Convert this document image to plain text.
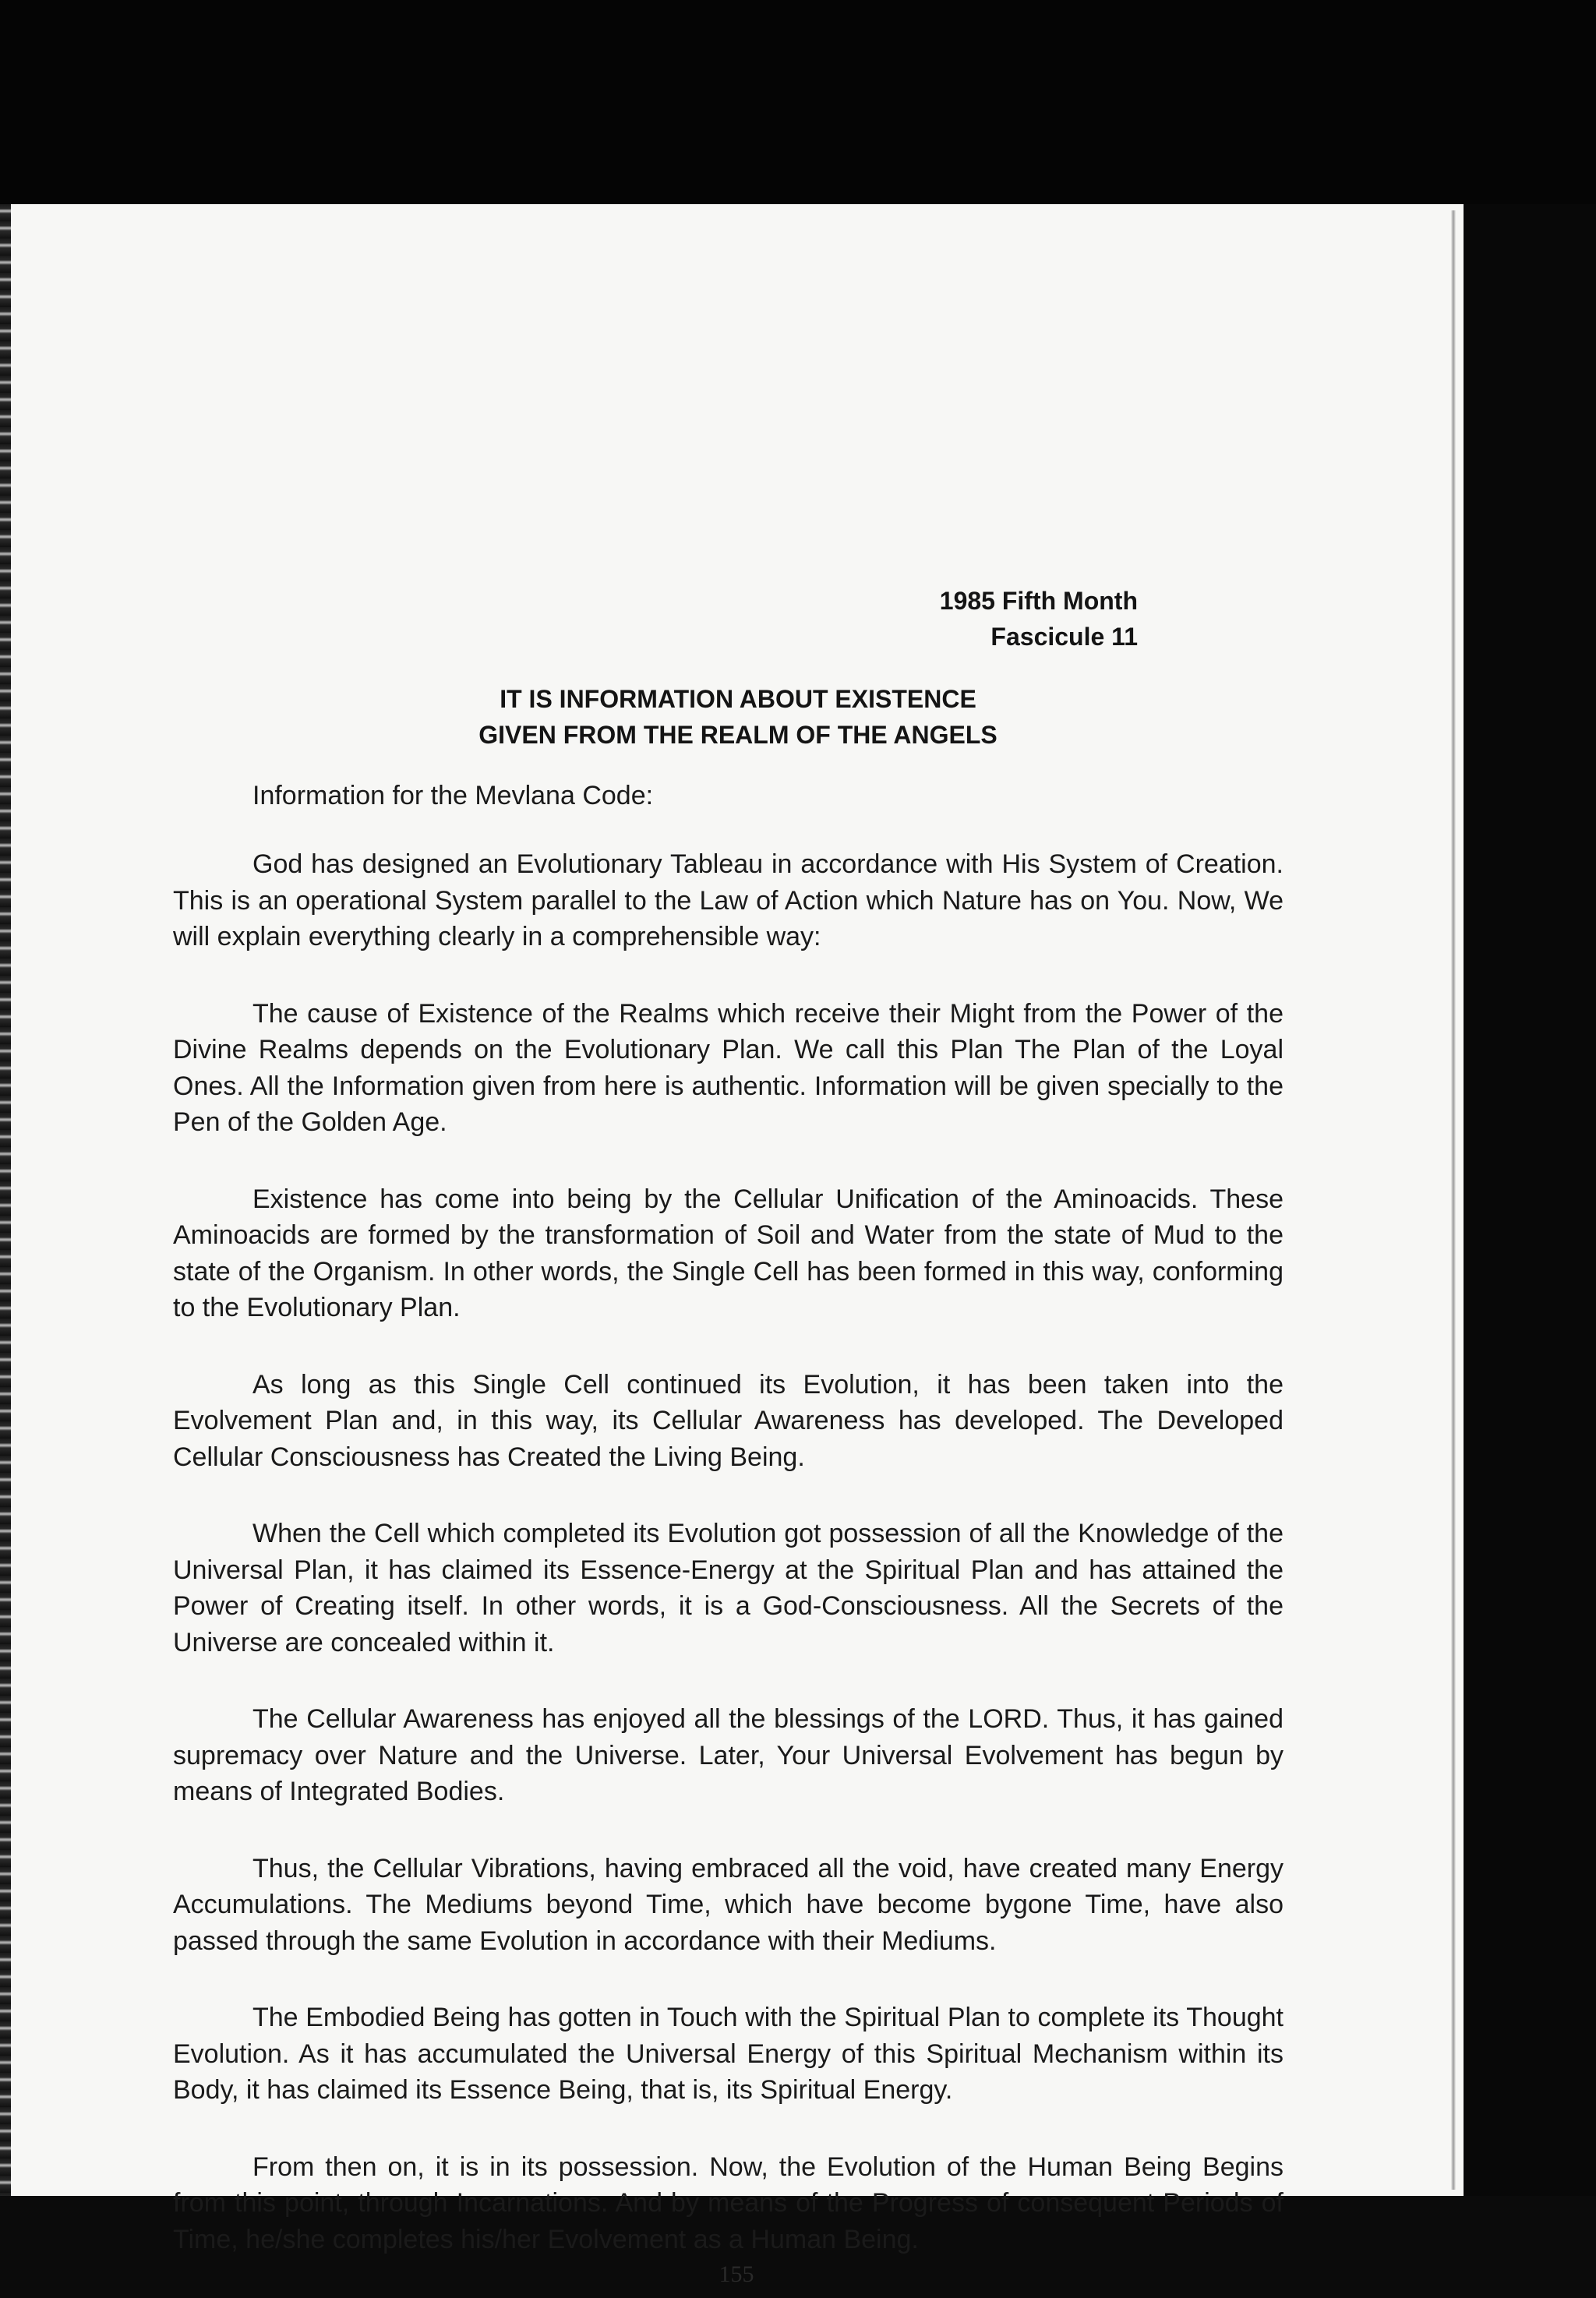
1985 Fifth Month
Fascicule 11
IT IS INFORMATION ABOUT EXISTENCE
GIVEN FROM THE REALM OF THE ANGELS
Information for the Mevlana Code:

God has designed an Evolutionary Tableau in accordance with His System of Creation. This is an operational System parallel to the Law of Action which Nature has on You. Now, We will explain everything clearly in a comprehensible way:

The cause of Existence of the Realms which receive their Might from the Power of the Divine Realms depends on the Evolutionary Plan. We call this Plan The Plan of the Loyal Ones. All the Information given from here is authentic. Information will be given specially to the Pen of the Golden Age.

Existence has come into being by the Cellular Unification of the Aminoacids. These Aminoacids are formed by the transformation of Soil and Water from the state of Mud to the state of the Organism. In other words, the Single Cell has been formed in this way, conforming to the Evolutionary Plan.

As long as this Single Cell continued its Evolution, it has been taken into the Evolvement Plan and, in this way, its Cellular Awareness has developed. The Developed Cellular Consciousness has Created the Living Being.

When the Cell which completed its Evolution got possession of all the Knowledge of the Universal Plan, it has claimed its Essence-Energy at the Spiritual Plan and has attained the Power of Creating itself. In other words, it is a God-Consciousness. All the Secrets of the Universe are concealed within it.

The Cellular Awareness has enjoyed all the blessings of the LORD. Thus, it has gained supremacy over Nature and the Universe. Later, Your Universal Evolvement has begun by means of Integrated Bodies.

Thus, the Cellular Vibrations, having embraced all the void, have created many Energy Accumulations. The Mediums beyond Time, which have become bygone Time, have also passed through the same Evolution in accordance with their Mediums.

The Embodied Being has gotten in Touch with the Spiritual Plan to complete its Thought Evolution. As it has accumulated the Universal Energy of this Spiritual Mechanism within its Body, it has claimed its Essence Being, that is, its Spiritual Energy.

From then on, it is in its possession. Now, the Evolution of the Human Being Begins from this point, through Incarnations. And by means of the Progress of consequent Periods of Time, he/she completes his/her Evolvement as a Human Being.

155
